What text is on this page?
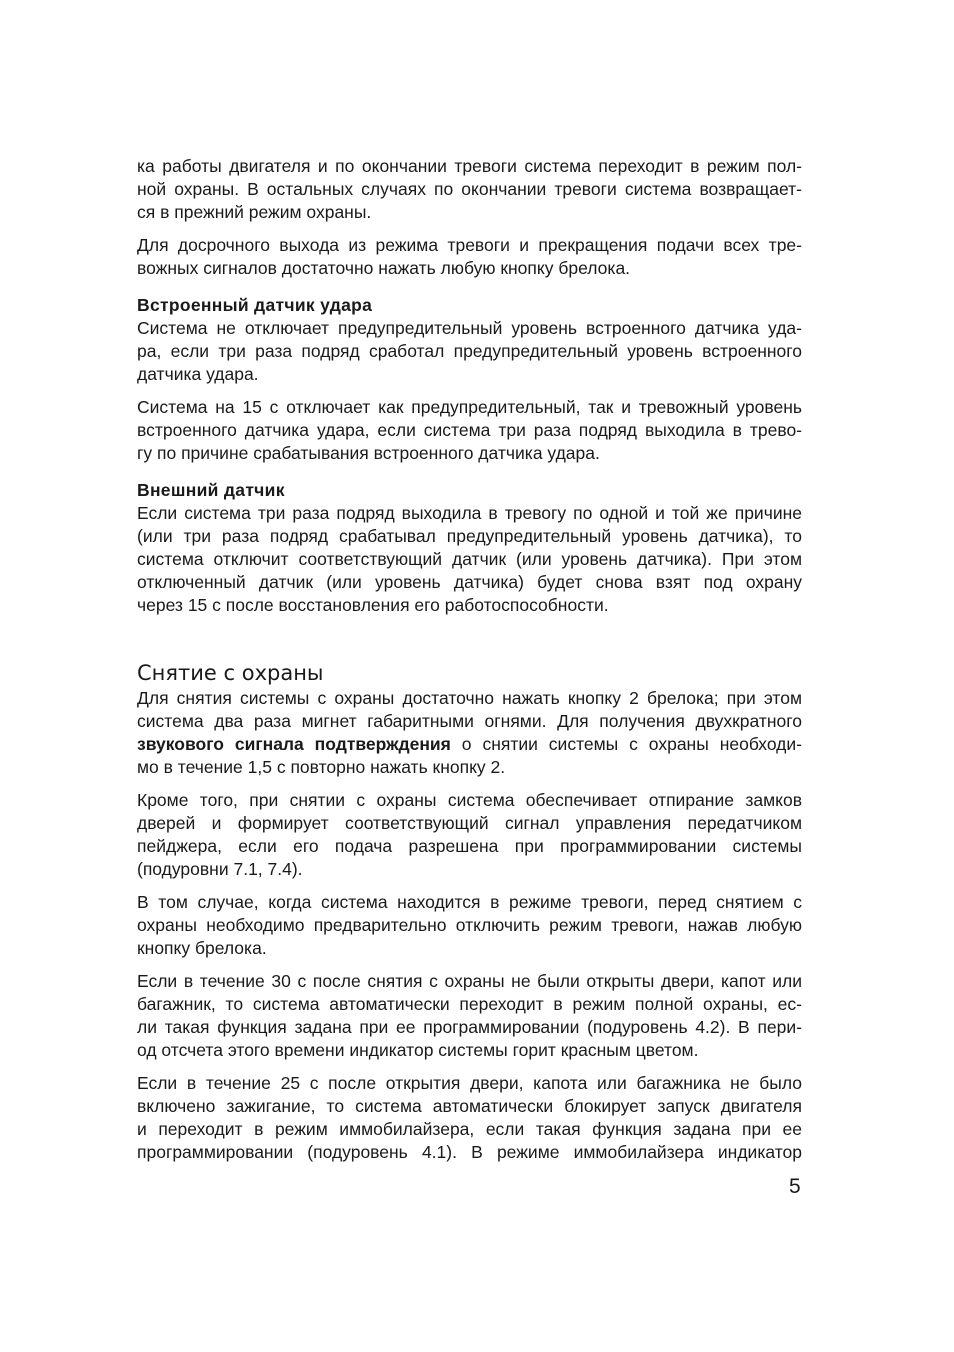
ка работы двигателя и по окончании тревоги система переходит в режим пол-
ной охраны. В остальных случаях по окончании тревоги система возвращает-
ся в прежний режим охраны.

Для досрочного выхода из режима тревоги и прекращения подачи всех тре-
вожных сигналов достаточно нажать любую кнопку брелока.

Встроенный датчик удара

Система не отключает предупредительный уровень встроенного датчика уда-
ра, если три раза подряд сработал предупредительный уровень встроенного
датчика удара.

Система на 15 с отключает как предупредительный, так и тревожный уровень
встроенного датчика удара, если система три раза подряд выходила в трево-
гу по причине срабатывания встроенного датчика удара.

Внешний датчик

Если система три раза подряд выходила в тревогу по одной и той же причине
(или три раза подряд срабатывал предупредительный уровень датчика), то
система отключит соответствующий датчик (или уровень датчика). При этом
отключенный датчик (или уровень датчика) будет снова взят под охрану
через 15 с после восстановления его работоспособности.

Снятие с охраны

Для снятия системы с охраны достаточно нажать кнопку 2 брелока; при этом
система два раза мигнет габаритными огнями. Для получения двухкратного
звукового сигнала подтверждения о снятии системы с охраны необходи-
мо в течение 1,5 с повторно нажать кнопку 2.

Кроме того, при снятии с охраны система обеспечивает отпирание замков
дверей и формирует соответствующий сигнал управления передатчиком
пейджера, если его подача разрешена при программировании системы
(подуровни 7.1, 7.4).

В том случае, когда система находится в режиме тревоги, перед снятием с
охраны необходимо предварительно отключить режим тревоги, нажав любую
кнопку брелока.

Если в течение 30 с после снятия с охраны не были открыты двери, капот или
багажник, то система автоматически переходит в режим полной охраны, ес-
ли такая функция задана при ее программировании (подуровень 4.2). В пери-
од отсчета этого времени индикатор системы горит красным цветом.

Если в течение 25 с после открытия двери, капота или багажника не было
включено зажигание, то система автоматически блокирует запуск двигателя
и переходит в режим иммобилайзера, если такая функция задана при ее
программировании (подуровень 4.1). В режиме иммобилайзера индикатор

5
